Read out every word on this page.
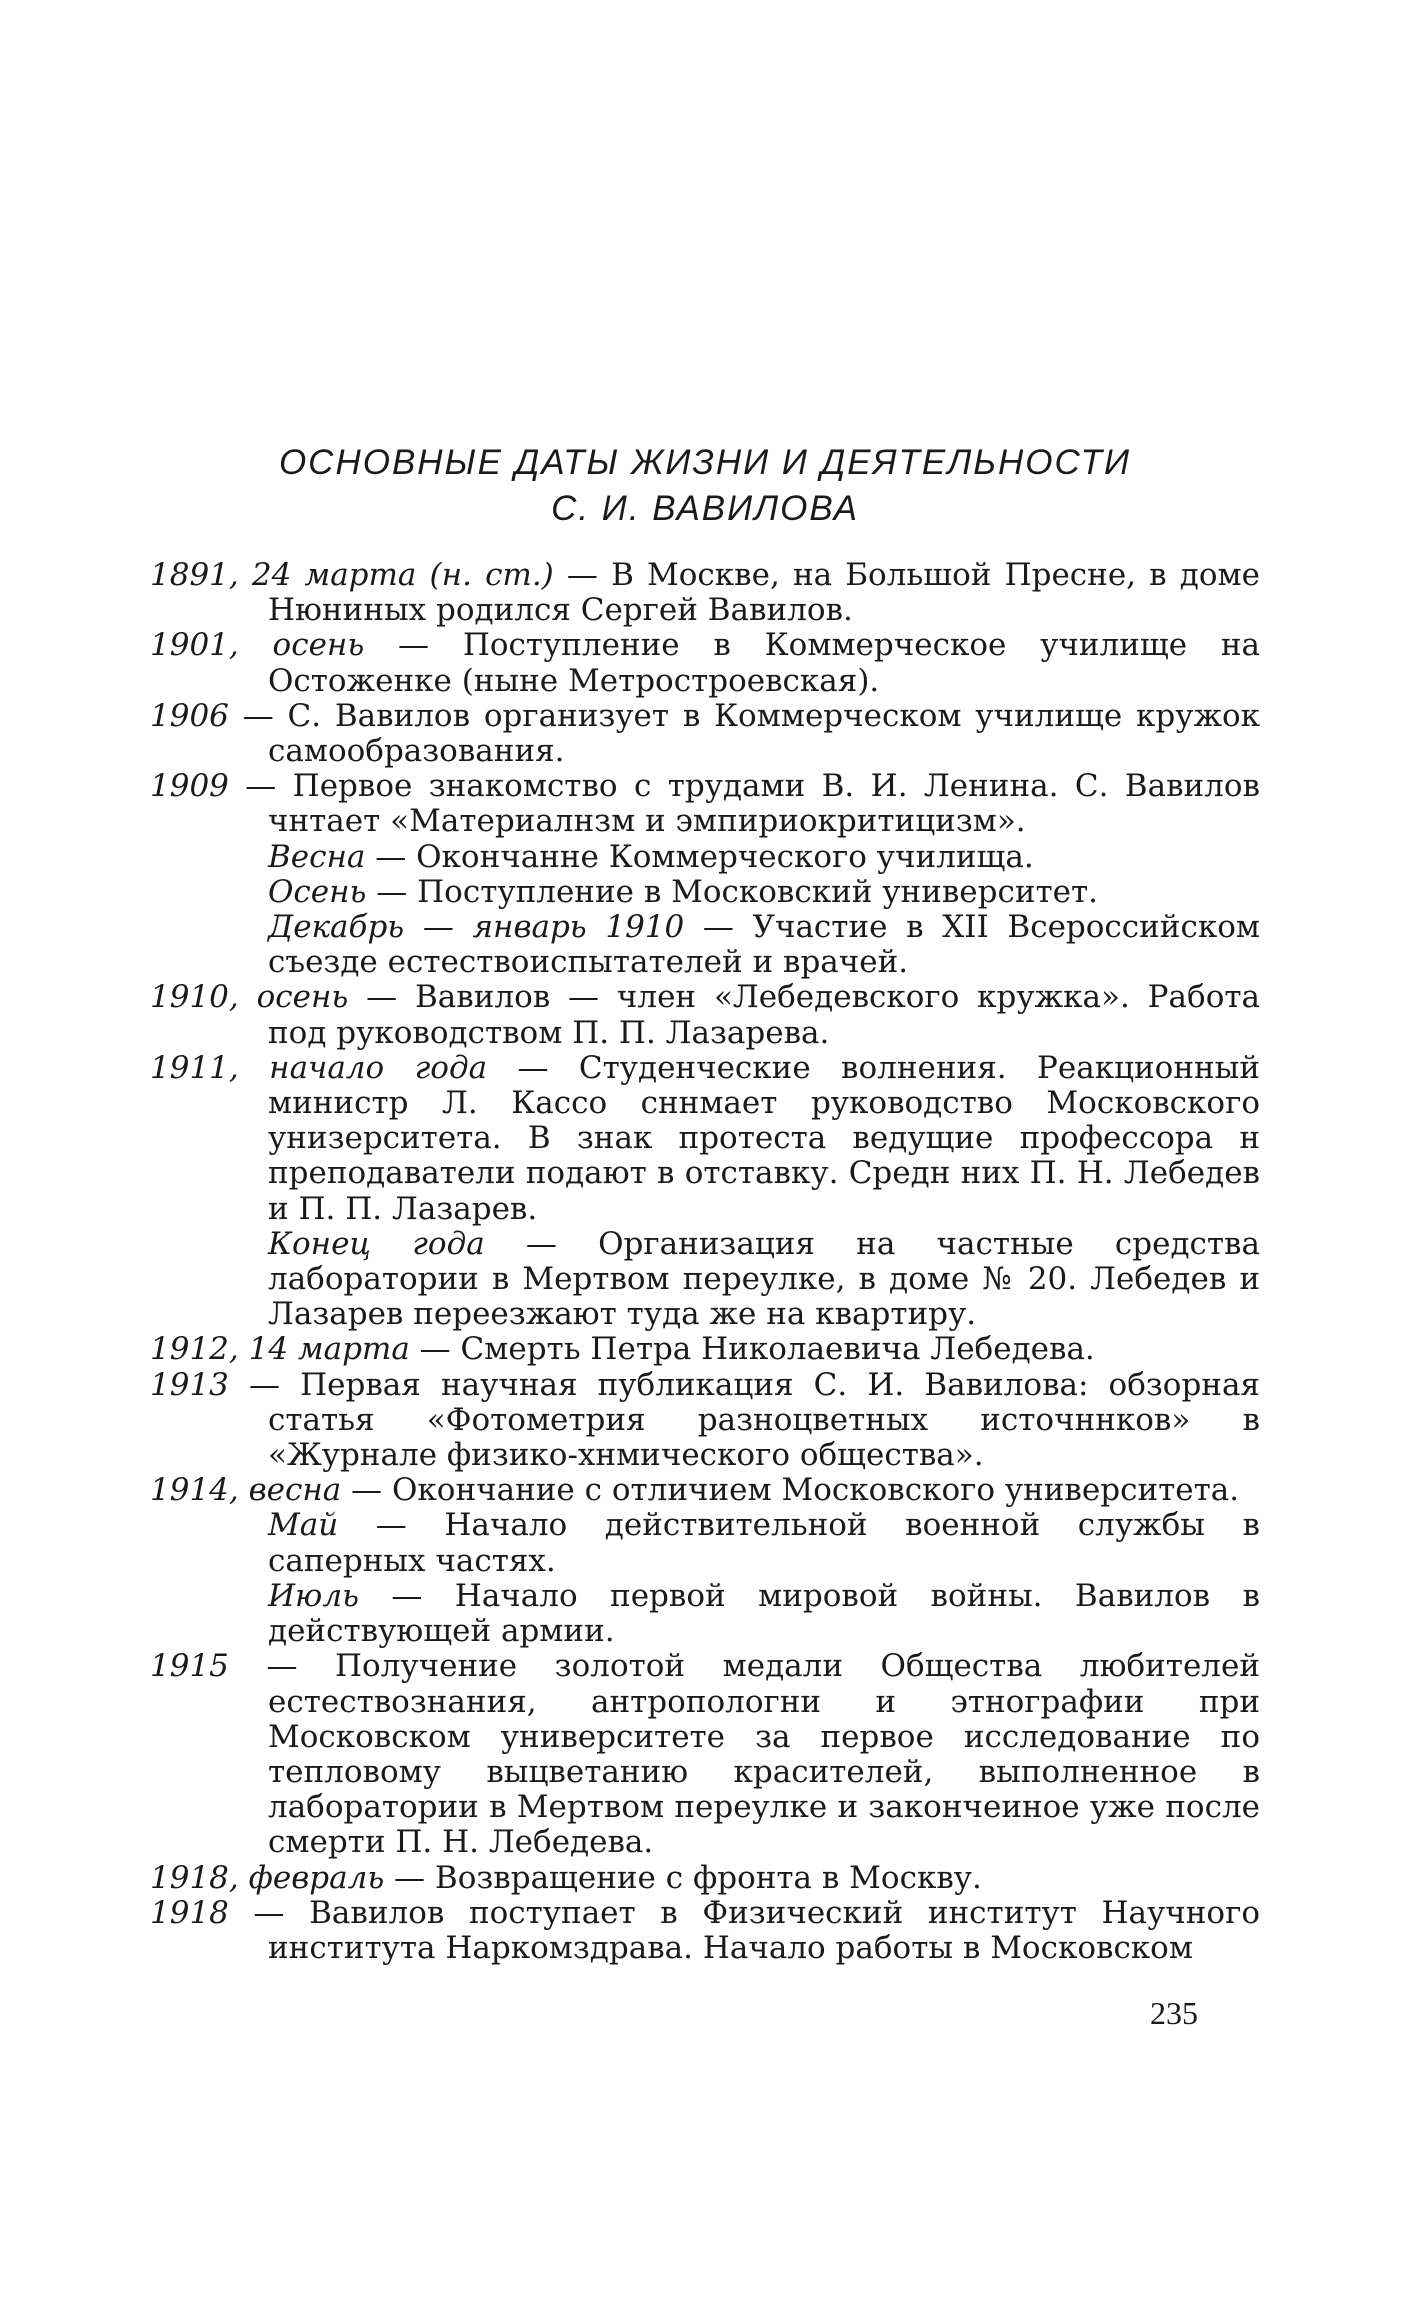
ОСНОВНЫЕ ДАТЫ ЖИЗНИ И ДЕЯТЕЛЬНОСТИ
С. И. ВАВИЛОВА

1891, 24 марта (н. ст.) — В Москве, на Большой Пресне, в доме Нюниных родился Сергей Вавилов.

1901, осень — Поступление в Коммерческое училище на Остоженке (ныне Метростроевская).

1906 — С. Вавилов организует в Коммерческом училище кружок самообразования.

1909 — Первое знакомство с трудами В. И. Ленина. С. Вавилов чнтает «Материалнзм и эмпириокритицизм».

Весна — Окончанне Коммерческого училища.

Осень — Поступление в Московский университет.

Декабрь — январь 1910 — Участие в XII Всероссийском съезде естествоиспытателей и врачей.

1910, осень — Вавилов — член «Лебедевского кружка». Работа под руководством П. П. Лазарева.

1911, начало года — Студенческие волнения. Реакционный министр Л. Кассо сннмает руководство Московского унизерситета. В знак протеста ведущие профессора н преподаватели подают в отставку. Средн них П. Н. Лебедев и П. П. Лазарев.

Конец года — Организация на частные средства лаборатории в Мертвом переулке, в доме № 20. Лебедев и Лазарев переезжают туда же на квартиру.

1912, 14 марта — Смерть Петра Николаевича Лебедева.

1913 — Первая научная публикация С. И. Вавилова: обзорная статья «Фотометрия разноцветных источннков» в «Журнале физико-хнмического общества».

1914, весна — Окончание с отличием Московского университета.

Май — Начало действительной военной службы в саперных частях.

Июль — Начало первой мировой войны. Вавилов в действующей армии.

1915 — Получение золотой медали Общества любителей естествознания, антропологни и этнографии при Московском университете за первое исследование по тепловому выцветанию красителей, выполненное в лаборатории в Мертвом переулке и закончеиное уже после смерти П. Н. Лебедева.

1918, февраль — Возвращение с фронта в Москву.

1918 — Вавилов поступает в Физический институт Научного института Наркомздрава. Начало работы в Московском

235
